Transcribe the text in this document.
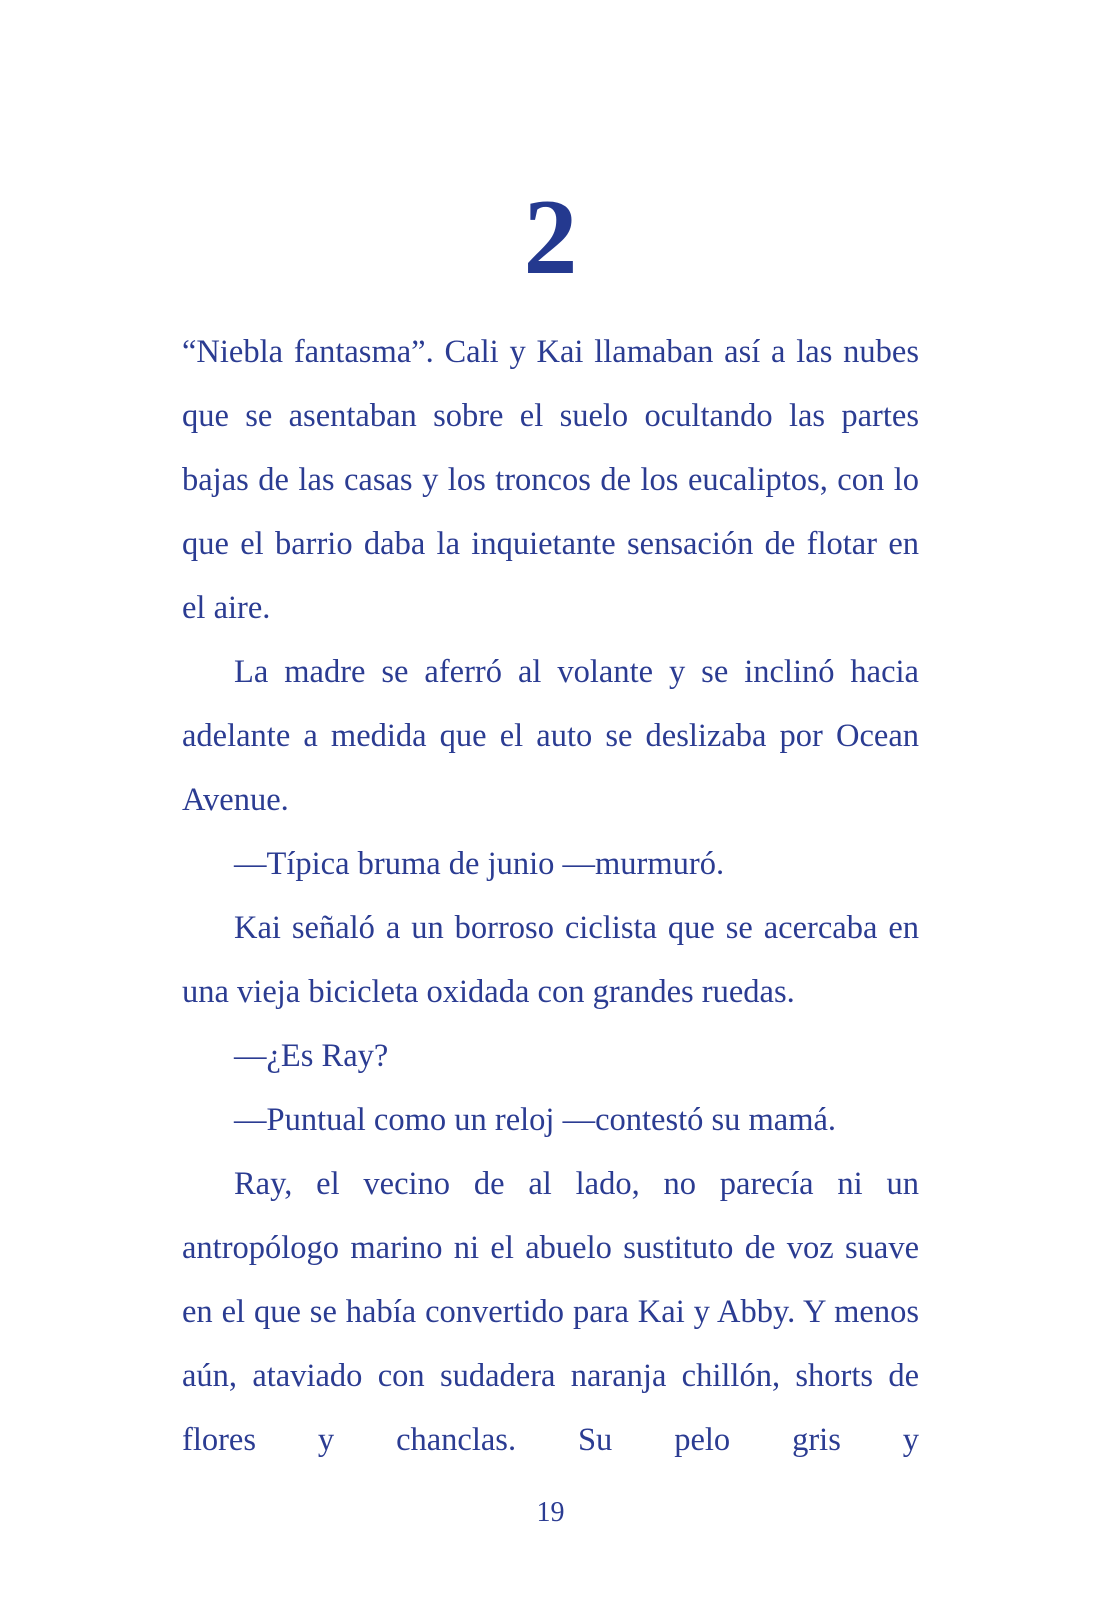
2

“Niebla fantasma”. Cali y Kai llamaban así a las nubes que se asentaban sobre el suelo ocultando las partes bajas de las casas y los troncos de los eucaliptos, con lo que el barrio daba la inquietante sensación de flotar en el aire.

La madre se aferró al volante y se inclinó hacia adelante a medida que el auto se deslizaba por Ocean Avenue.

—Típica bruma de junio —murmuró.

Kai señaló a un borroso ciclista que se acercaba en una vieja bicicleta oxidada con grandes ruedas.

—¿Es Ray?

—Puntual como un reloj —contestó su mamá.

Ray, el vecino de al lado, no parecía ni un antropólogo marino ni el abuelo sustituto de voz suave en el que se había convertido para Kai y Abby. Y menos aún, ataviado con sudadera naranja chillón, shorts de flores y chanclas. Su pelo gris y

19
